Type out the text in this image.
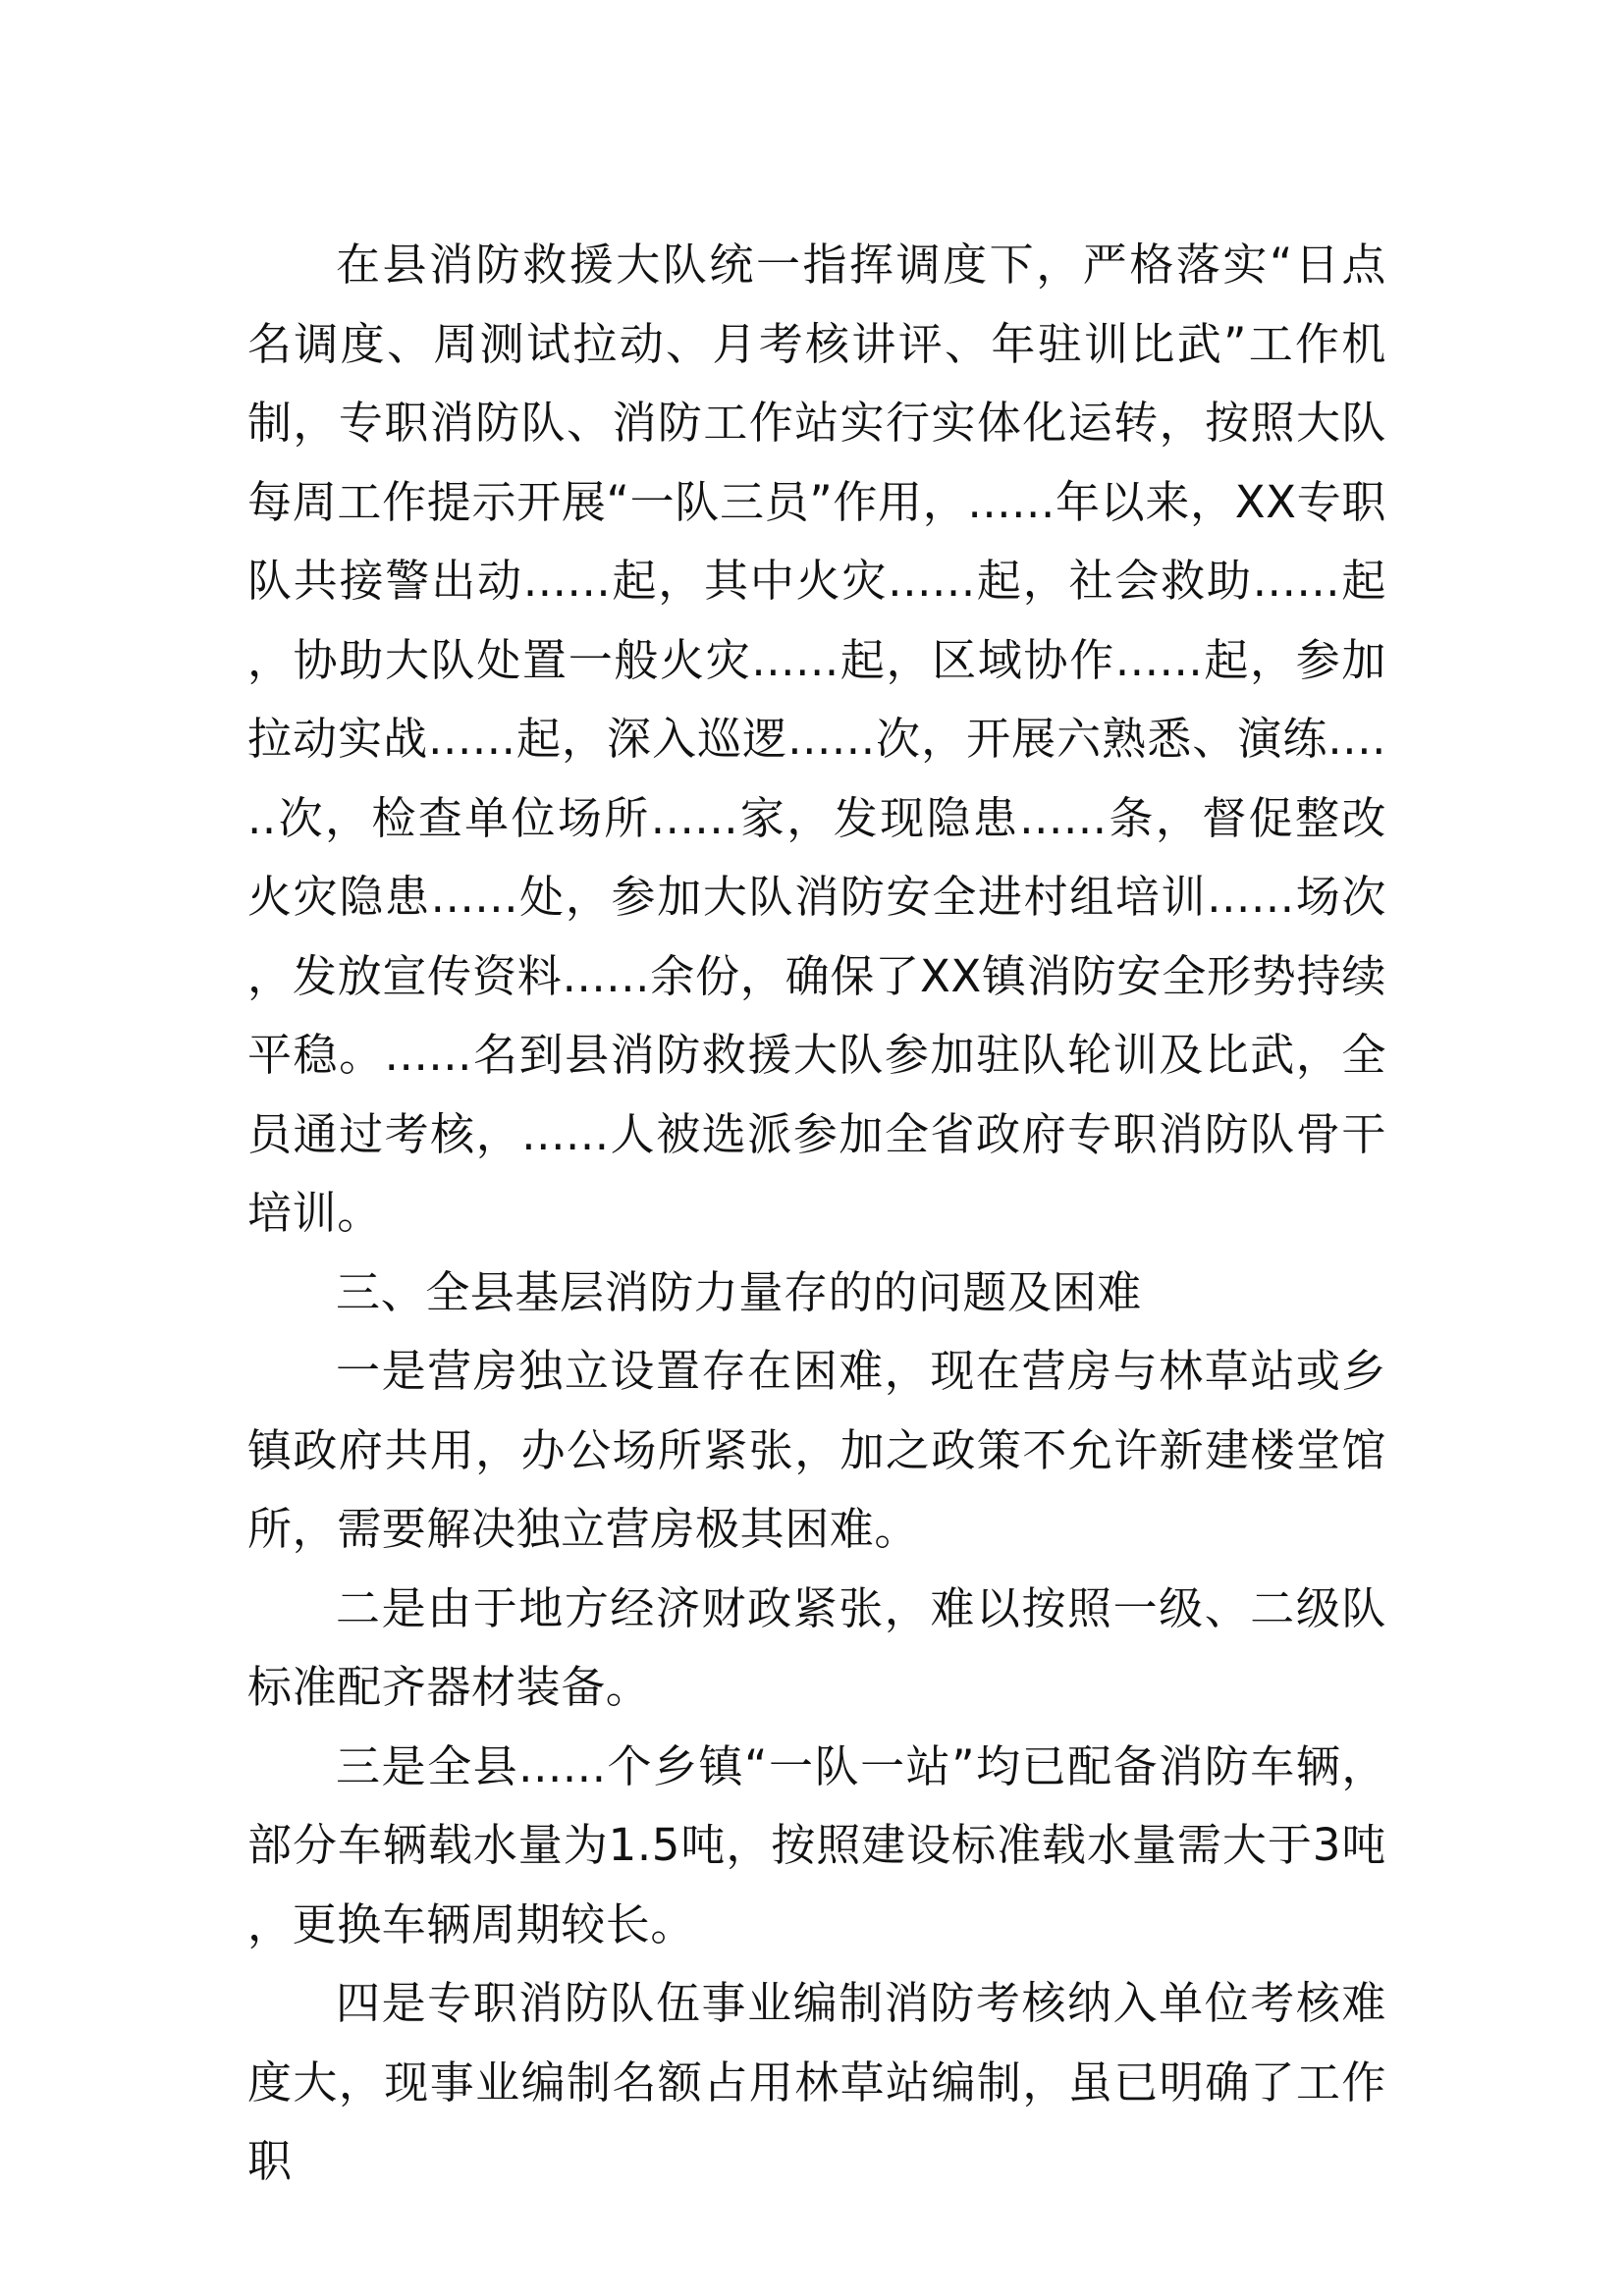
在县消防救援大队统一指挥调度下，严格落实“日点名调度、周测试拉动、月考核讲评、年驻训比武”工作机制，专职消防队、消防工作站实行实体化运转，按照大队每周工作提示开展“一队三员”作用，......年以来，XX专职队共接警出动......起，其中火灾......起，社会救助......起，协助大队处置一般火灾......起，区域协作......起，参加拉动实战......起，深入巡逻......次，开展六熟悉、演练......次，检查单位场所......家，发现隐患......条，督促整改火灾隐患......处，参加大队消防安全进村组培训......场次，发放宣传资料......余份，确保了XX镇消防安全形势持续平稳。......名到县消防救援大队参加驻队轮训及比武，全员通过考核，......人被选派参加全省政府专职消防队骨干培训。

三、全县基层消防力量存的的问题及困难

一是营房独立设置存在困难，现在营房与林草站或乡镇政府共用，办公场所紧张，加之政策不允许新建楼堂馆所，需要解决独立营房极其困难。

二是由于地方经济财政紧张，难以按照一级、二级队标准配齐器材装备。

三是全县......个乡镇“一队一站”均已配备消防车辆，部分车辆载水量为1.5吨，按照建设标准载水量需大于3吨，更换车辆周期较长。

四是专职消防队伍事业编制消防考核纳入单位考核难度大，现事业编制名额占用林草站编制，虽已明确了工作职
